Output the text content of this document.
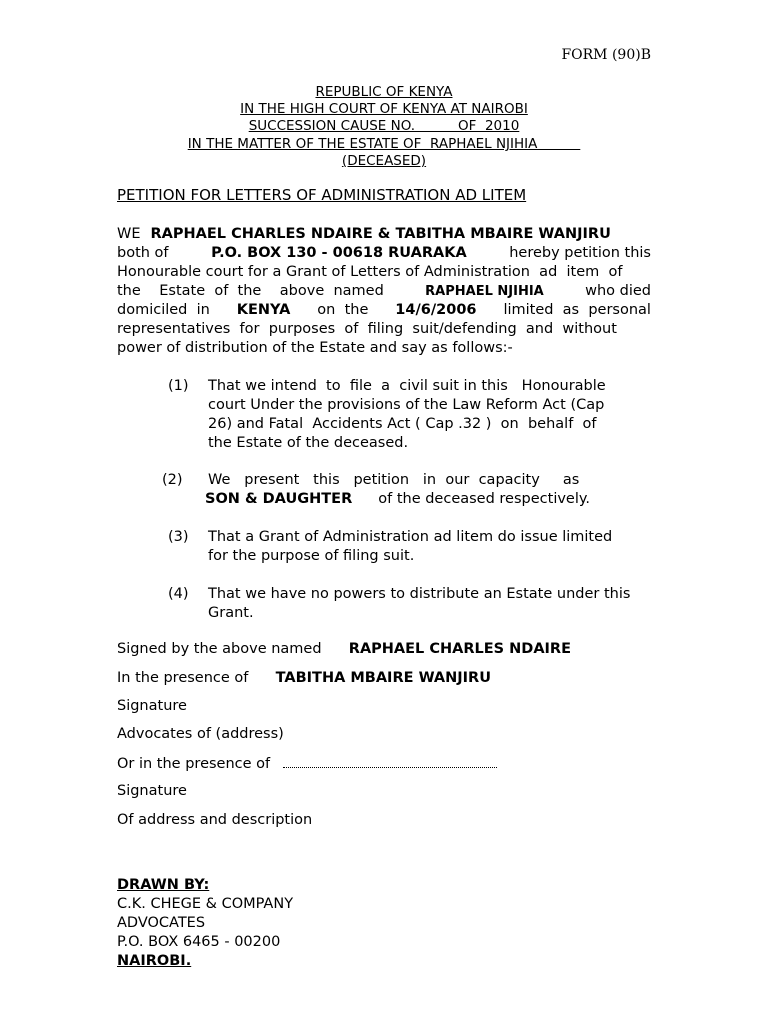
FORM (90)B
REPUBLIC OF KENYA
IN THE HIGH COURT OF KENYA AT NAIROBI
SUCCESSION CAUSE NO.          OF  2010
IN THE MATTER OF THE ESTATE OF  RAPHAEL NJIHIA
(DECEASED)
PETITION FOR LETTERS OF ADMINISTRATION AD LITEM
WE RAPHAEL CHARLES NDAIRE & TABITHA MBAIRE WANJIRU
both of	P.O. BOX 130 - 00618 RUARAKA	hereby petition this
Honourable court for a Grant of Letters of Administration  ad  item  of
the    Estate  of  the    above  named	RAPHAEL NJIHIA	who died
domiciled  in KENYA on  the 14/6/2006 limited  as  personal
representatives  for  purposes  of  filing  suit/defending  and  without
power of distribution of the Estate and say as follows:-
(1) That we intend  to  file  a  civil suit in this   Honourable
court Under the provisions of the Law Reform Act (Cap
26) and Fatal  Accidents Act ( Cap .32 )  on  behalf  of
the Estate of the deceased.
(2) We   present   this   petition   in  our  capacity     as
SON & DAUGHTER of the deceased respectively.
(3) That a Grant of Administration ad litem do issue limited
for the purpose of filing suit.
(4) That we have no powers to distribute an Estate under this
Grant.
Signed by the above named RAPHAEL CHARLES NDAIRE
In the presence of TABITHA MBAIRE WANJIRU
Signature
Advocates of (address)
Or in the presence of
Signature
Of address and description
DRAWN BY:
C.K. CHEGE & COMPANY
ADVOCATES
P.O. BOX 6465 - 00200
NAIROBI.
